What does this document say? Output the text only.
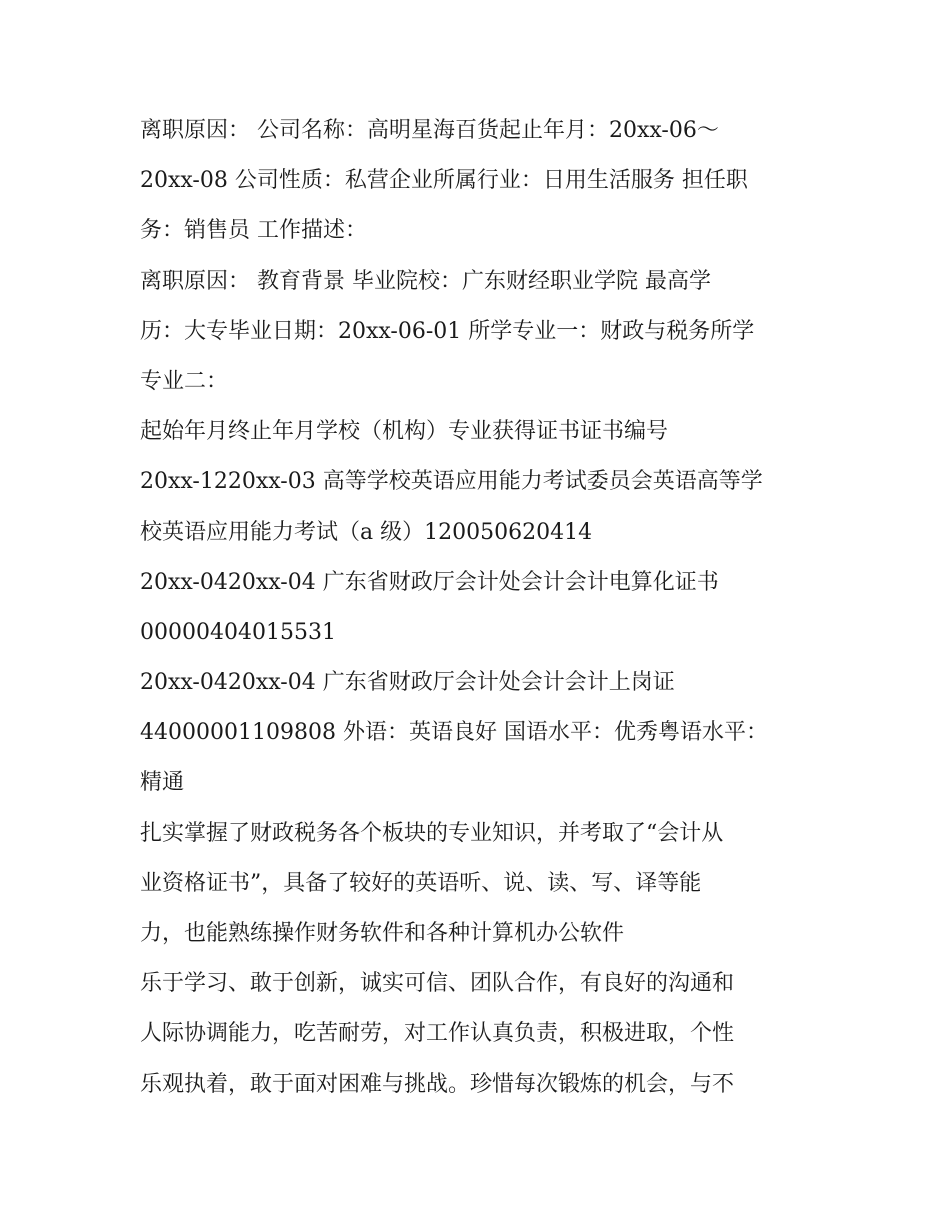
离职原因： 公司名称：高明星海百货起止年月：20xx-06～
20xx-08 公司性质：私营企业所属行业：日用生活服务 担任职
务：销售员 工作描述：
离职原因： 教育背景 毕业院校：广东财经职业学院 最高学
历：大专毕业日期：20xx-06-01 所学专业一：财政与税务所学
专业二：
起始年月终止年月学校（机构）专业获得证书证书编号
20xx-1220xx-03 高等学校英语应用能力考试委员会英语高等学
校英语应用能力考试（a 级）120050620414
20xx-0420xx-04 广东省财政厅会计处会计会计电算化证书
00000404015531
20xx-0420xx-04 广东省财政厅会计处会计会计上岗证
44000001109808 外语：英语良好 国语水平：优秀粤语水平：
精通
扎实掌握了财政税务各个板块的专业知识，并考取了“会计从
业资格证书”，具备了较好的英语听、说、读、写、译等能
力，也能熟练操作财务软件和各种计算机办公软件
乐于学习、敢于创新，诚实可信、团队合作，有良好的沟通和
人际协调能力，吃苦耐劳，对工作认真负责，积极进取，个性
乐观执着，敢于面对困难与挑战。珍惜每次锻炼的机会，与不
